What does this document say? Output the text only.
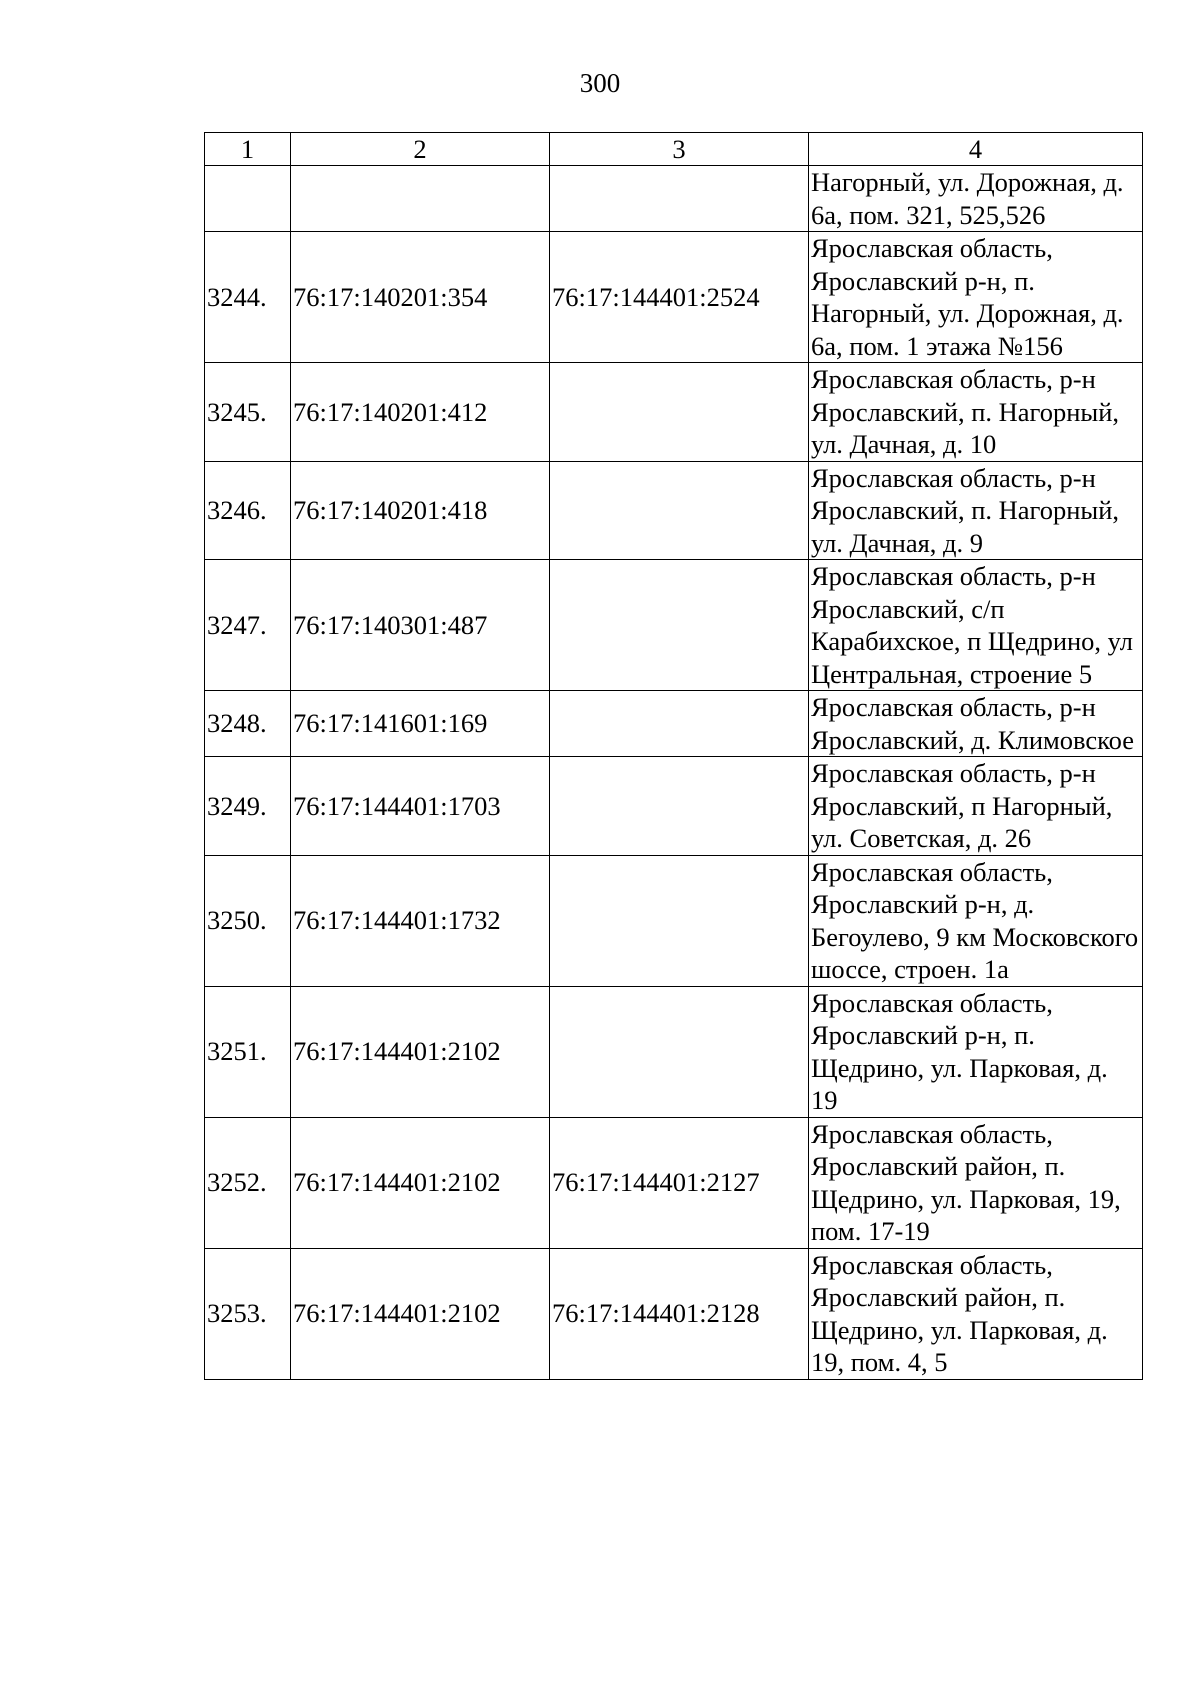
300
1	2	3	4
			Нагорный, ул. Дорожная, д. 6а, пом. 321, 525,526
3244.	76:17:140201:354	76:17:144401:2524	Ярославская область, Ярославский р-н, п. Нагорный, ул. Дорожная, д. 6а, пом. 1 этажа №156
3245.	76:17:140201:412		Ярославская область, р-н Ярославский, п. Нагорный, ул. Дачная, д. 10
3246.	76:17:140201:418		Ярославская область, р-н Ярославский, п. Нагорный, ул. Дачная, д. 9
3247.	76:17:140301:487		Ярославская область, р-н Ярославский, с/п Карабихское, п Щедрино, ул Центральная, строение 5
3248.	76:17:141601:169		Ярославская область, р-н Ярославский, д. Климовское
3249.	76:17:144401:1703		Ярославская область, р-н Ярославский, п Нагорный, ул. Советская, д. 26
3250.	76:17:144401:1732		Ярославская область, Ярославский р-н, д. Бегоулево, 9 км Московского шоссе, строен. 1а
3251.	76:17:144401:2102		Ярославская область, Ярославский р-н, п. Щедрино, ул. Парковая, д. 19
3252.	76:17:144401:2102	76:17:144401:2127	Ярославская область, Ярославский район, п. Щедрино, ул. Парковая, 19, пом. 17-19
3253.	76:17:144401:2102	76:17:144401:2128	Ярославская область, Ярославский район, п. Щедрино, ул. Парковая, д. 19, пом. 4, 5
